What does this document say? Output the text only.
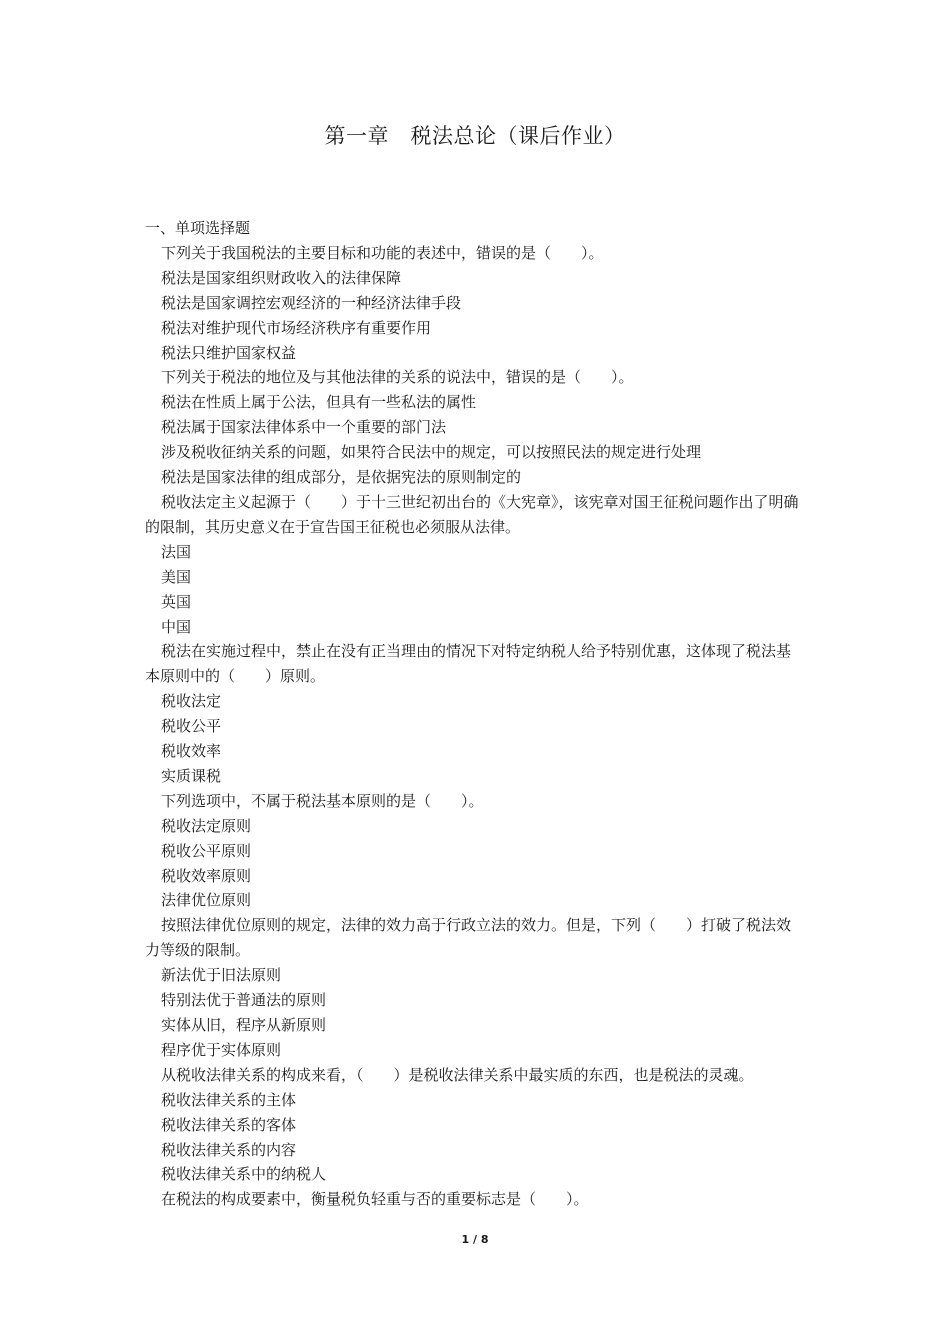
第一章　税法总论（课后作业）

一、单项选择题

下列关于我国税法的主要目标和功能的表述中，错误的是（　　）。

税法是国家组织财政收入的法律保障

税法是国家调控宏观经济的一种经济法律手段

税法对维护现代市场经济秩序有重要作用

税法只维护国家权益

下列关于税法的地位及与其他法律的关系的说法中，错误的是（　　）。

税法在性质上属于公法，但具有一些私法的属性

税法属于国家法律体系中一个重要的部门法

涉及税收征纳关系的问题，如果符合民法中的规定，可以按照民法的规定进行处理

税法是国家法律的组成部分，是依据宪法的原则制定的

税收法定主义起源于（　　）于十三世纪初出台的《大宪章》，该宪章对国王征税问题作出了明确的限制，其历史意义在于宣告国王征税也必须服从法律。

法国

美国

英国

中国

税法在实施过程中，禁止在没有正当理由的情况下对特定纳税人给予特别优惠，这体现了税法基本原则中的（　　）原则。

税收法定

税收公平

税收效率

实质课税

下列选项中，不属于税法基本原则的是（　　）。

税收法定原则

税收公平原则

税收效率原则

法律优位原则

按照法律优位原则的规定，法律的效力高于行政立法的效力。但是，下列（　　）打破了税法效力等级的限制。

新法优于旧法原则

特别法优于普通法的原则

实体从旧，程序从新原则

程序优于实体原则

从税收法律关系的构成来看，（　　）是税收法律关系中最实质的东西，也是税法的灵魂。

税收法律关系的主体

税收法律关系的客体

税收法律关系的内容

税收法律关系中的纳税人

在税法的构成要素中，衡量税负轻重与否的重要标志是（　　）。

1 / 8
